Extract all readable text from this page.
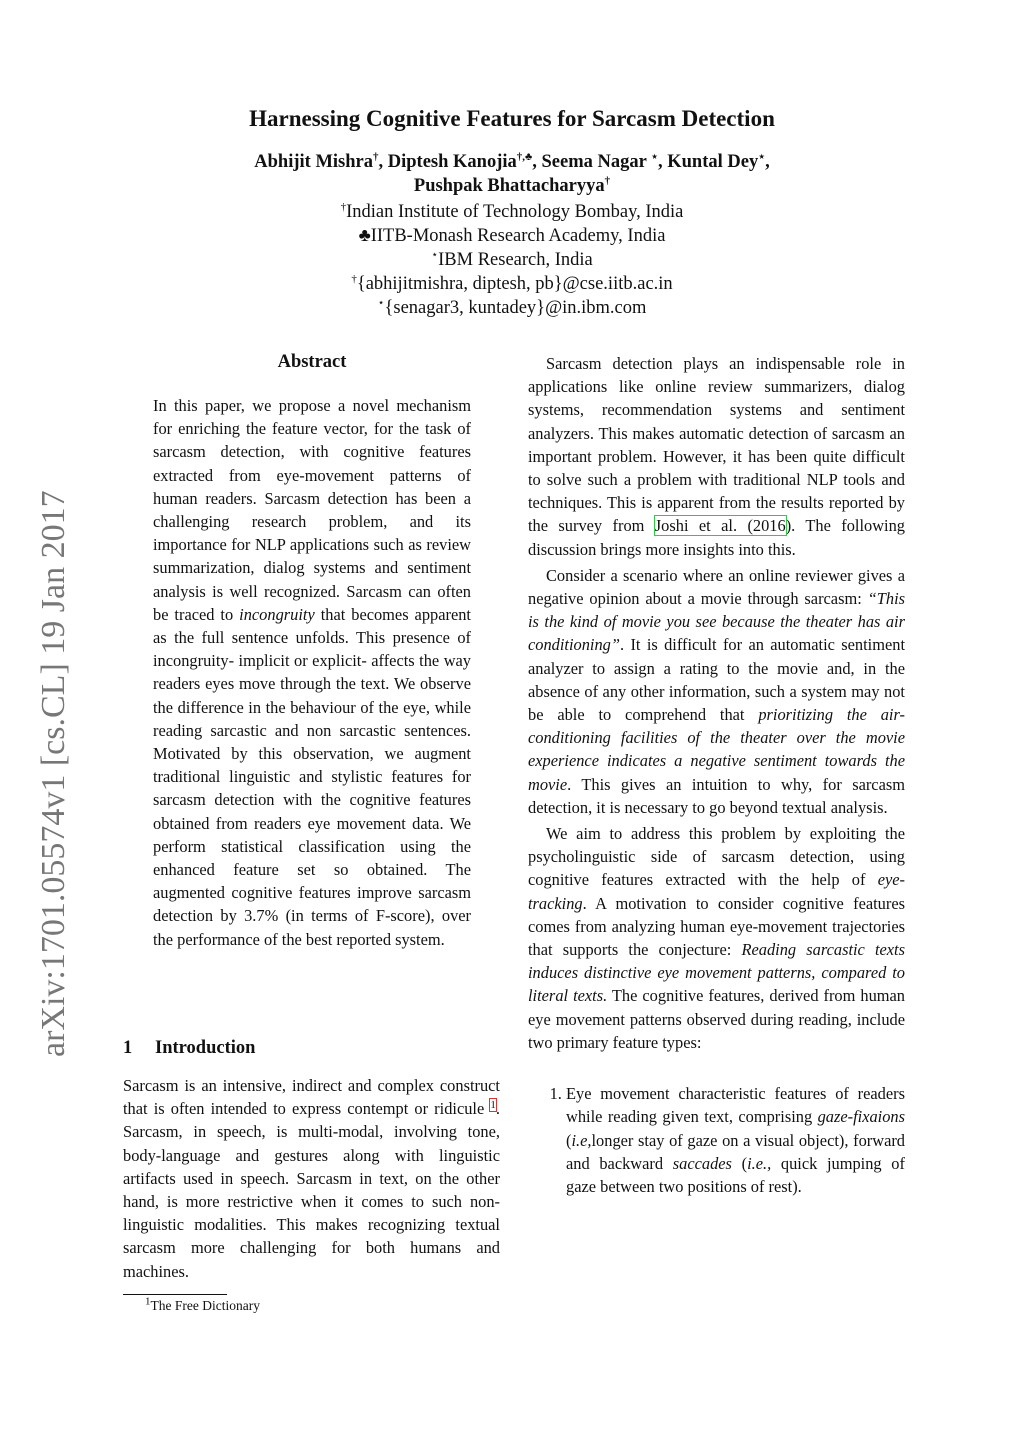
Harnessing Cognitive Features for Sarcasm Detection
Abhijit Mishra†, Diptesh Kanojia†,♣, Seema Nagar ⋆, Kuntal Dey⋆,
Pushpak Bhattacharyya†
†Indian Institute of Technology Bombay, India
♣IITB-Monash Research Academy, India
⋆IBM Research, India
†{abhijitmishra, diptesh, pb}@cse.iitb.ac.in
⋆{senagar3, kuntadey}@in.ibm.com
arXiv:1701.05574v1 [cs.CL] 19 Jan 2017
Abstract
In this paper, we propose a novel mechanism for enriching the feature vector, for the task of sarcasm detection, with cognitive features extracted from eye-movement patterns of human readers. Sarcasm detection has been a challenging research problem, and its importance for NLP applications such as review summarization, dialog systems and sentiment analysis is well recognized. Sarcasm can often be traced to incongruity that becomes apparent as the full sentence unfolds. This presence of incongruity- implicit or explicit- affects the way readers eyes move through the text. We observe the difference in the behaviour of the eye, while reading sarcastic and non sarcastic sentences. Motivated by this observation, we augment traditional linguistic and stylistic features for sarcasm detection with the cognitive features obtained from readers eye movement data. We perform statistical classification using the enhanced feature set so obtained. The augmented cognitive features improve sarcasm detection by 3.7% (in terms of F-score), over the performance of the best reported system.
1 Introduction
Sarcasm is an intensive, indirect and complex construct that is often intended to express contempt or ridicule $^1$. Sarcasm, in speech, is multi-modal, involving tone, body-language and gestures along with linguistic artifacts used in speech. Sarcasm in text, on the other hand, is more restrictive when it comes to such non-linguistic modalities. This makes recognizing textual sarcasm more challenging for both humans and machines.
$^1$The Free Dictionary

Sarcasm detection plays an indispensable role in applications like online review summarizers, dialog systems, recommendation systems and sentiment analyzers. This makes automatic detection of sarcasm an important problem. However, it has been quite difficult to solve such a problem with traditional NLP tools and techniques. This is apparent from the results reported by the survey from Joshi et al. (2016). The following discussion brings more insights into this.

Consider a scenario where an online reviewer gives a negative opinion about a movie through sarcasm: “This is the kind of movie you see because the theater has air conditioning”. It is difficult for an automatic sentiment analyzer to assign a rating to the movie and, in the absence of any other information, such a system may not be able to comprehend that prioritizing the air-conditioning facilities of the theater over the movie experience indicates a negative sentiment towards the movie. This gives an intuition to why, for sarcasm detection, it is necessary to go beyond textual analysis.

We aim to address this problem by exploiting the psycholinguistic side of sarcasm detection, using cognitive features extracted with the help of eye-tracking. A motivation to consider cognitive features comes from analyzing human eye-movement trajectories that supports the conjecture: Reading sarcastic texts induces distinctive eye movement patterns, compared to literal texts. The cognitive features, derived from human eye movement patterns observed during reading, include two primary feature types:

1. Eye movement characteristic features of readers while reading given text, comprising gaze-fixaions (i.e,longer stay of gaze on a visual object), forward and backward saccades (i.e., quick jumping of gaze between two positions of rest).
